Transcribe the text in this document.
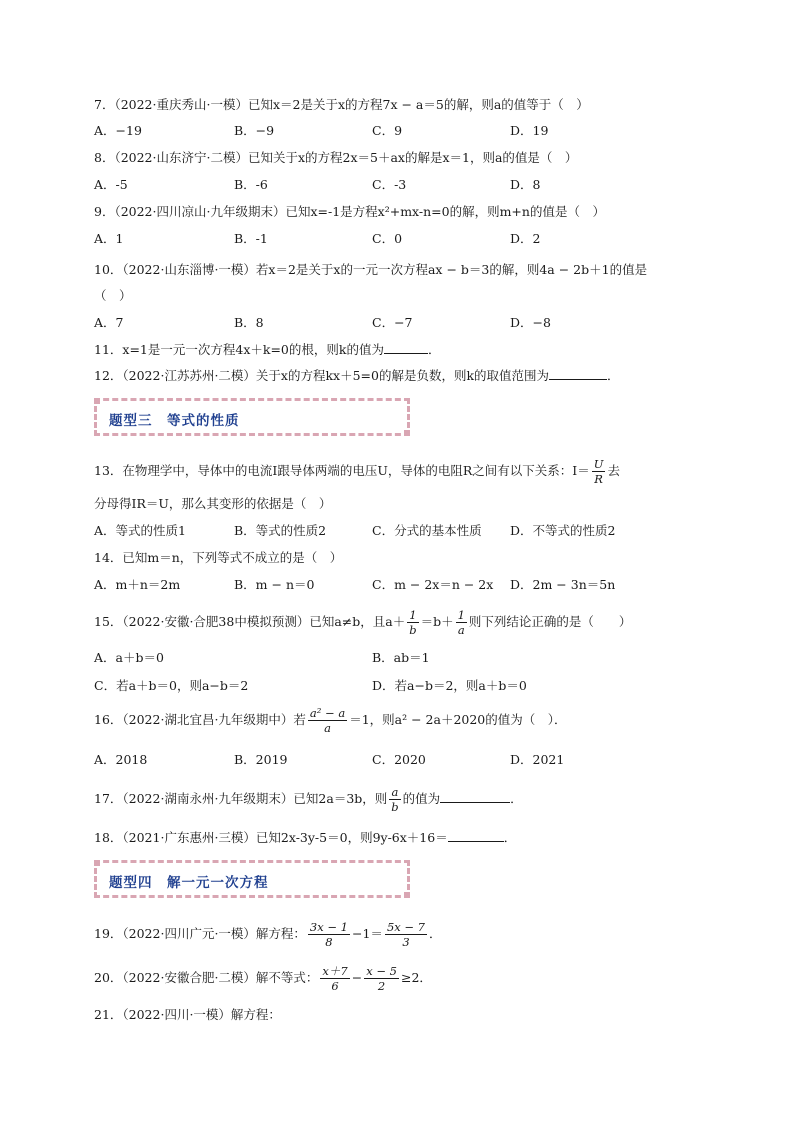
7．（2022·重庆秀山·一模）已知x＝2是关于x的方程7x − a＝5的解，则a的值等于（　）
A．−19	B．−9	C．9	D．19
8．（2022·山东济宁·二模）已知关于x的方程2x＝5＋ax的解是x＝1，则a的值是（　）
A．-5	B．-6	C．-3	D．8
9．（2022·四川凉山·九年级期末）已知x=-1是方程x²+mx-n=0的解，则m+n的值是（　）
A．1	B．-1	C．0	D．2
10．（2022·山东淄博·一模）若x＝2是关于x的一元一次方程ax − b＝3的解，则4a − 2b＋1的值是
（　）
A．7	B．8	C．−7	D．−8
11．x=1是一元一次方程4x＋k=0的根，则k的值为	．
12．（2022·江苏苏州·二模）关于x的方程kx＋5=0的解是负数，则k的取值范围为	．
题型三　等式的性质
13．在物理学中，导体中的电流I跟导体两端的电压U，导体的电阻R之间有以下关系：$I= \frac{U}{R}$ 去
分母得IR＝U，那么其变形的依据是（　）
A．等式的性质1	B．等式的性质2	C．分式的基本性质 D．不等式的性质2
14．已知m＝n，下列等式不成立的是（　）
A．m＋n＝2m	B．m − n＝0	C．m − 2x＝n − 2x D．2m − 3n＝5n
15．（2022·安徽·合肥38中模拟预测）已知a≠b，且$a+ \frac{1}{b} =b+ \frac{1}{a}$ 则下列结论正确的是（　　）
A．a＋b＝0	B．ab＝1
C．若a＋b＝0，则a−b＝2	D．若a−b＝2，则a＋b＝0
16．（2022·湖北宜昌·九年级期中）若 $\frac{\text{a² − a}}{a} =1$，则a² − 2a＋2020的值为（　）．
A．2018	B．2019	C．2020	D．2021
17．（2022·湖南永州·九年级期末）已知2a＝3b，则 $\frac{a}{b}$ 的值为	．
18．（2021·广东惠州·三模）已知2x-3y-5＝0，则9y-6x＋16＝	．
题型四　解一元一次方程
19．（2022·四川广元·一模）解方程： $\frac{3x - 1}{8} -1= \frac{5x - 7}{3}$ ．
20．（2022·安徽合肥·二模）解不等式： $\frac{x+7}{6} - \frac{x - 5}{2} \ge 2$．
21．（2022·四川·一模）解方程：
